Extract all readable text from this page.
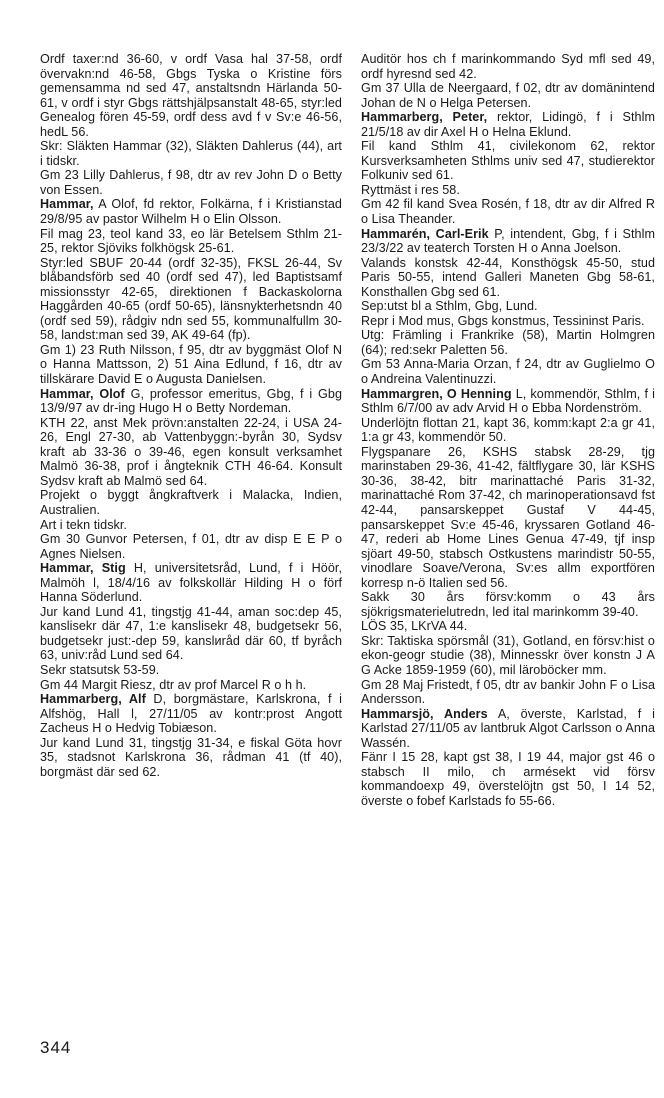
Ordf taxer:nd 36-60, v ordf Vasa hal 37-58, ordf övervakn:nd 46-58, Gbgs Tyska o Kristine förs gemensamma nd sed 47, anstaltsndn Härlanda 50-61, v ordf i styr Gbgs rättshjälpsanstalt 48-65, styr:led Genealog fören 45-59, ordf dess avd f v Sv:e 46-56, hedL 56.

Skr: Släkten Hammar (32), Släkten Dahlerus (44), art i tidskr.

Gm 23 Lilly Dahlerus, f 98, dtr av rev John D o Betty von Essen.

Hammar, A Olof, fd rektor, Folkärna, f i Kristianstad 29/8/95 av pastor Wilhelm H o Elin Olsson.

Fil mag 23, teol kand 33, eo lär Betelsem Sthlm 21-25, rektor Sjöviks folkhögsk 25-61.

Styr:led SBUF 20-44 (ordf 32-35), FKSL 26-44, Sv blåbandsförb sed 40 (ordf sed 47), led Baptistsamf missionsstyr 42-65, direktionen f Backaskolorna Haggården 40-65 (ordf 50-65), länsnykterhetsndn 40 (ordf sed 59), rådgiv ndn sed 55, kommunalfullm 30-58, landst:man sed 39, AK 49-64 (fp).

Gm 1) 23 Ruth Nilsson, f 95, dtr av byggmäst Olof N o Hanna Mattsson, 2) 51 Aina Edlund, f 16, dtr av tillskärare David E o Augusta Danielsen.

Hammar, Olof G, professor emeritus, Gbg, f i Gbg 13/9/97 av dr-ing Hugo H o Betty Nordeman.

KTH 22, anst Mek prövn:anstalten 22-24, i USA 24-26, Engl 27-30, ab Vattenbyggn:-byrån 30, Sydsv kraft ab 33-36 o 39-46, egen konsult verksamhet Malmö 36-38, prof i ångteknik CTH 46-64. Konsult Sydsv kraft ab Malmö sed 64.

Projekt o byggt ångkraftverk i Malacka, Indien, Australien.

Art i tekn tidskr.

Gm 30 Gunvor Petersen, f 01, dtr av disp E E P o Agnes Nielsen.

Hammar, Stig H, universitetsråd, Lund, f i Höör, Malmöh l, 18/4/16 av folkskollär Hilding H o förf Hanna Söderlund.

Jur kand Lund 41, tingstjg 41-44, aman soc:dep 45, kanslisekr där 47, 1:e kanslisekr 48, budgetsekr 56, budgetsekr just:-dep 59, kanslиråd där 60, tf byråch 63, univ:råd Lund sed 64.

Sekr statsutsk 53-59.

Gm 44 Margit Riesz, dtr av prof Marcel R o h h.

Hammarberg, Alf D, borgmästare, Karlskrona, f i Alfshög, Hall l, 27/11/05 av kontr:prost Angott Zacheus H o Hedvig Tobiæson.

Jur kand Lund 31, tingstjg 31-34, e fiskal Göta hovr 35, stadsnot Karlskrona 36, rådman 41 (tf 40), borgmäst där sed 62.

Auditör hos ch f marinkommando Syd mfl sed 49, ordf hyresnd sed 42.

Gm 37 Ulla de Neergaard, f 02, dtr av domänintend Johan de N o Helga Petersen.

Hammarberg, Peter, rektor, Lidingö, f i Sthlm 21/5/18 av dir Axel H o Helna Eklund.

Fil kand Sthlm 41, civilekonom 62, rektor Kursverksamheten Sthlms univ sed 47, studierektor Folkuniv sed 61.

Ryttmäst i res 58.

Gm 42 fil kand Svea Rosén, f 18, dtr av dir Alfred R o Lisa Theander.

Hammarén, Carl-Erik P, intendent, Gbg, f i Sthlm 23/3/22 av teaterch Torsten H o Anna Joelson.

Valands konstsk 42-44, Konsthögsk 45-50, stud Paris 50-55, intend Galleri Maneten Gbg 58-61, Konsthallen Gbg sed 61.

Sep:utst bl a Sthlm, Gbg, Lund.

Repr i Mod mus, Gbgs konstmus, Tessininst Paris.

Utg: Främling i Frankrike (58), Martin Holmgren (64); red:sekr Paletten 56.

Gm 53 Anna-Maria Orzan, f 24, dtr av Guglielmo O o Andreina Valentinuzzi.

Hammargren, O Henning L, kommendör, Sthlm, f i Sthlm 6/7/00 av adv Arvid H o Ebba Nordenström.

Underlöjtn flottan 21, kapt 36, komm:kapt 2:a gr 41, 1:a gr 43, kommendör 50.

Flygspanare 26, KSHS stabsk 28-29, tjg marinstaben 29-36, 41-42, fältflygare 30, lär KSHS 30-36, 38-42, bitr marinattaché Paris 31-32, marinattaché Rom 37-42, ch marinoperationsavd fst 42-44, pansarskeppet Gustaf V 44-45, pansarskeppet Sv:e 45-46, kryssaren Gotland 46-47, rederi ab Home Lines Genua 47-49, tjf insp sjöart 49-50, stabsch Ostkustens marindistr 50-55, vinodlare Soave/Verona, Sv:es allm exportfören korresp n-ö Italien sed 56.

Sakk 30 års försv:komm o 43 års sjökrigsmaterielutredn, led ital marinkomm 39-40.

LÖS 35, LKrVA 44.

Skr: Taktiska spörsmål (31), Gotland, en försv:hist o ekon-geogr studie (38), Minnesskr över konstn J A G Acke 1859-1959 (60), mil läroböcker mm.

Gm 28 Maj Fristedt, f 05, dtr av bankir John F o Lisa Andersson.

Hammarsjö, Anders A, överste, Karlstad, f i Karlstad 27/11/05 av lantbruk Algot Carlsson o Anna Wassén.

Fänr I 15 28, kapt gst 38, I 19 44, major gst 46 o stabsch II milo, ch armésekt vid försv kommandoexp 49, överstelöjtn gst 50, I 14 52, överste o fobef Karlstads fo 55-66.

344
